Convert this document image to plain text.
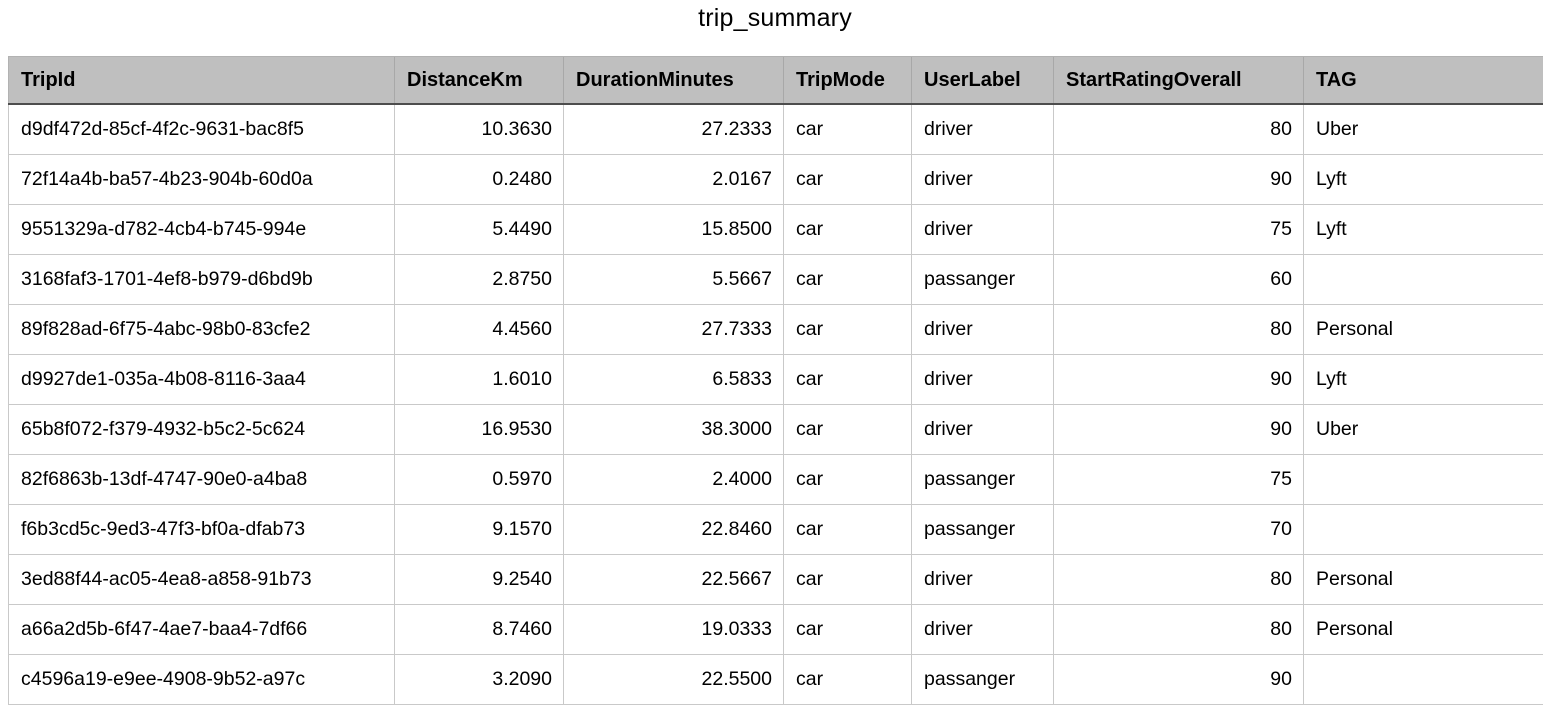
trip_summary
TripId	DistanceKm	DurationMinutes	TripMode	UserLabel	StartRatingOverall	TAG
d9df472d-85cf-4f2c-9631-bac8f5	10.3630	27.2333	car	driver	80	Uber
72f14a4b-ba57-4b23-904b-60d0a	0.2480	2.0167	car	driver	90	Lyft
9551329a-d782-4cb4-b745-994e	5.4490	15.8500	car	driver	75	Lyft
3168faf3-1701-4ef8-b979-d6bd9b	2.8750	5.5667	car	passanger	60	
89f828ad-6f75-4abc-98b0-83cfe2	4.4560	27.7333	car	driver	80	Personal
d9927de1-035a-4b08-8116-3aa4	1.6010	6.5833	car	driver	90	Lyft
65b8f072-f379-4932-b5c2-5c624	16.9530	38.3000	car	driver	90	Uber
82f6863b-13df-4747-90e0-a4ba8	0.5970	2.4000	car	passanger	75	
f6b3cd5c-9ed3-47f3-bf0a-dfab73	9.1570	22.8460	car	passanger	70	
3ed88f44-ac05-4ea8-a858-91b73	9.2540	22.5667	car	driver	80	Personal
a66a2d5b-6f47-4ae7-baa4-7df66	8.7460	19.0333	car	driver	80	Personal
c4596a19-e9ee-4908-9b52-a97c	3.2090	22.5500	car	passanger	90	
